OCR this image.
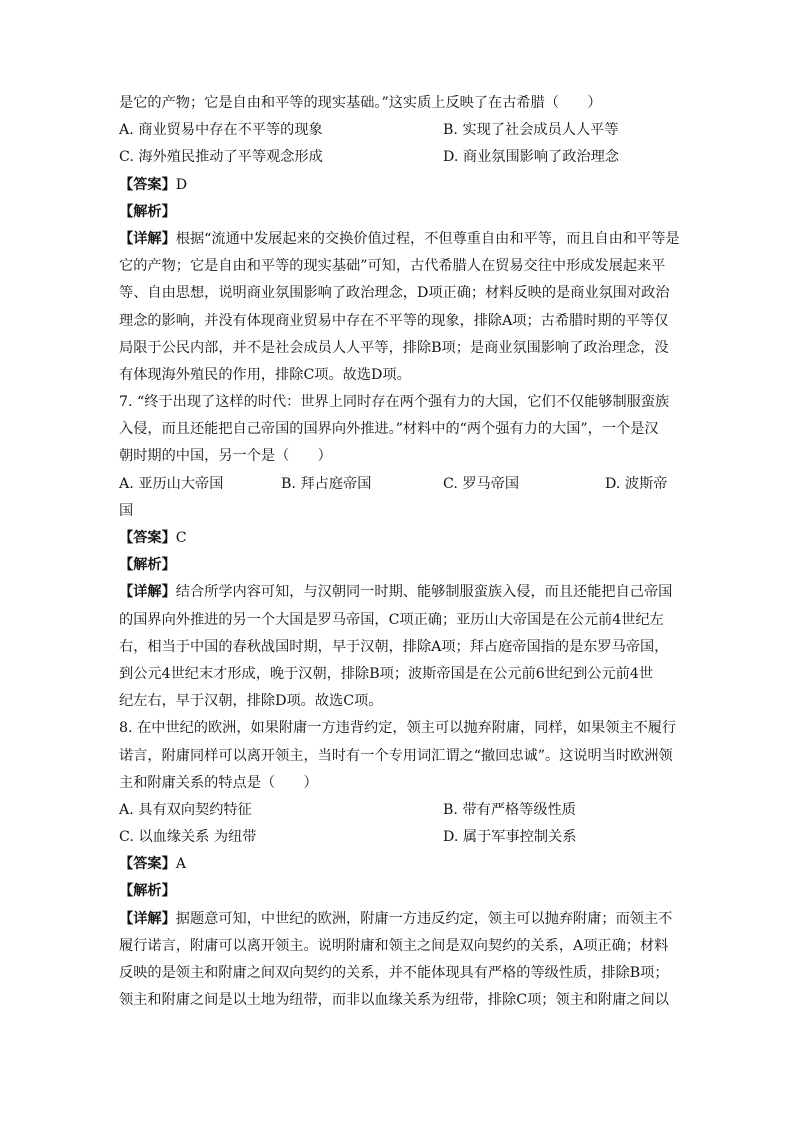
是它的产物；它是自由和平等的现实基础。”这实质上反映了在古希腊（　　）
A. 商业贸易中存在不平等的现象	B. 实现了社会成员人人平等
C. 海外殖民推动了平等观念形成	D. 商业氛围影响了政治理念
【答案】D
【解析】
【详解】根据“流通中发展起来的交换价值过程，不但尊重自由和平等，而且自由和平等是
它的产物；它是自由和平等的现实基础”可知，古代希腊人在贸易交往中形成发展起来平
等、自由思想，说明商业氛围影响了政治理念，D项正确；材料反映的是商业氛围对政治
理念的影响，并没有体现商业贸易中存在不平等的现象，排除A项；古希腊时期的平等仅
局限于公民内部，并不是社会成员人人平等，排除B项；是商业氛围影响了政治理念，没
有体现海外殖民的作用，排除C项。故选D项。
7. “终于出现了这样的时代：世界上同时存在两个强有力的大国，它们不仅能够制服蛮族
入侵，而且还能把自己帝国的国界向外推进。”材料中的“两个强有力的大国”，一个是汉
朝时期的中国，另一个是（　　）
A. 亚历山大帝国	B. 拜占庭帝国	C. 罗马帝国	D. 波斯帝
国
【答案】C
【解析】
【详解】结合所学内容可知，与汉朝同一时期、能够制服蛮族入侵，而且还能把自己帝国
的国界向外推进的另一个大国是罗马帝国，C项正确；亚历山大帝国是在公元前4世纪左
右，相当于中国的春秋战国时期，早于汉朝，排除A项；拜占庭帝国指的是东罗马帝国，
到公元4世纪末才形成，晚于汉朝，排除B项；波斯帝国是在公元前6世纪到公元前4世
纪左右，早于汉朝，排除D项。故选C项。
8. 在中世纪的欧洲，如果附庸一方违背约定，领主可以抛弃附庸，同样，如果领主不履行
诺言，附庸同样可以离开领主，当时有一个专用词汇谓之“撤回忠诚”。这说明当时欧洲领
主和附庸关系的特点是（　　）
A. 具有双向契约特征	B. 带有严格等级性质
C. 以血缘关系 为纽带	D. 属于军事控制关系
【答案】A
【解析】
【详解】据题意可知，中世纪的欧洲，附庸一方违反约定，领主可以抛弃附庸；而领主不
履行诺言，附庸可以离开领主。说明附庸和领主之间是双向契约的关系，A项正确；材料
反映的是领主和附庸之间双向契约的关系，并不能体现具有严格的等级性质，排除B项；
领主和附庸之间是以土地为纽带，而非以血缘关系为纽带，排除C项；领主和附庸之间以
